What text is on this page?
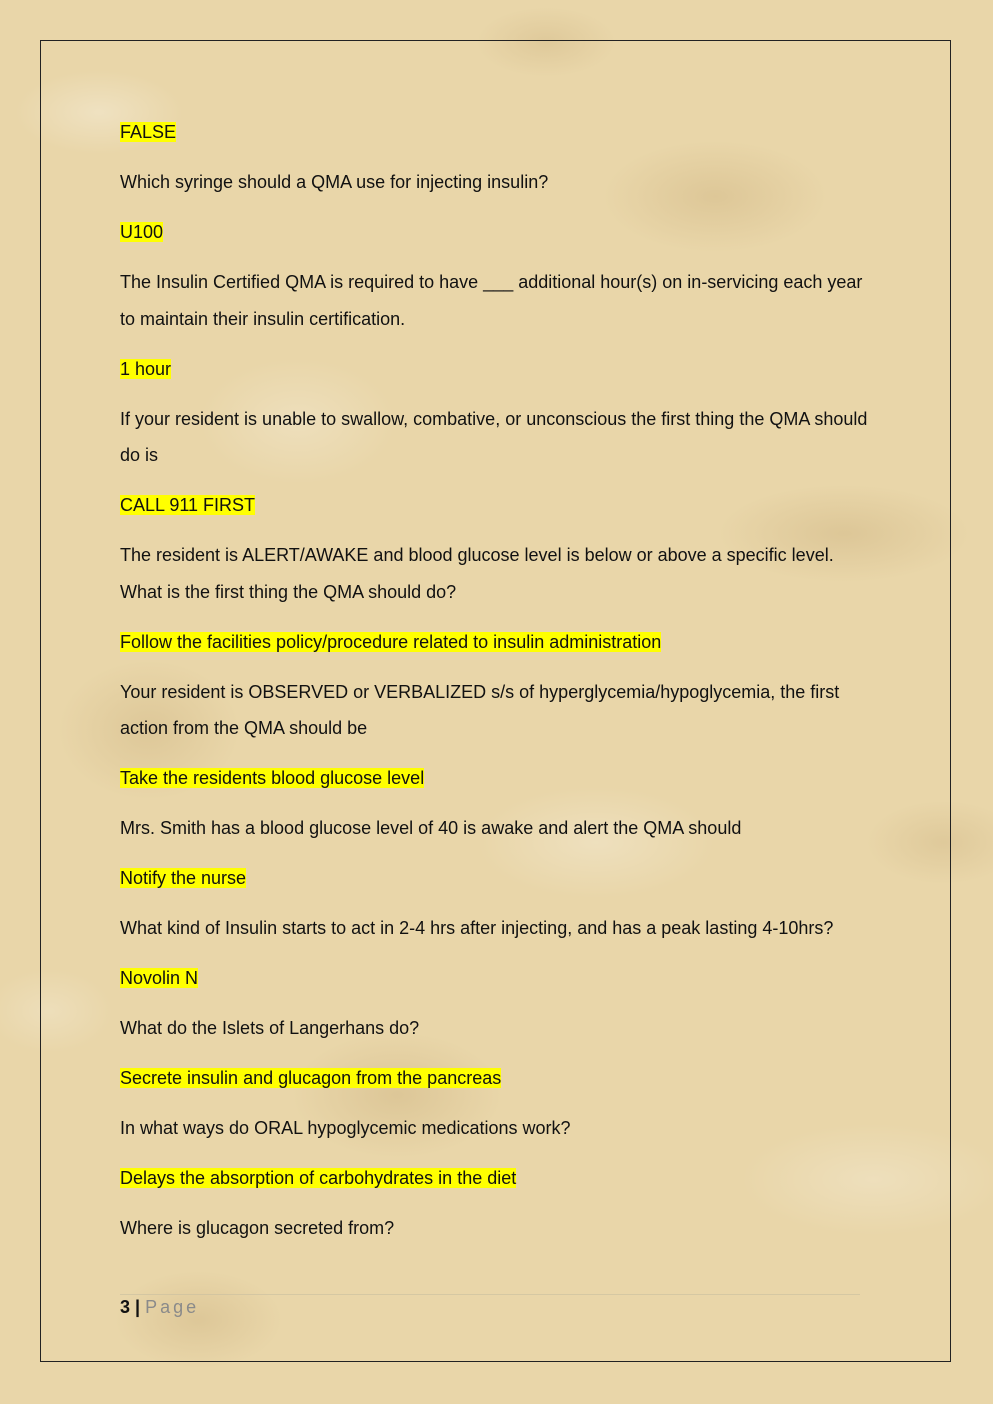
FALSE

Which syringe should a QMA use for injecting insulin?

U100

The Insulin Certified QMA is required to have ___ additional hour(s) on in-servicing each year to maintain their insulin certification.

1 hour

If your resident is unable to swallow, combative, or unconscious the first thing the QMA should do is

CALL 911 FIRST

The resident is ALERT/AWAKE and blood glucose level is below or above a specific level. What is the first thing the QMA should do?

Follow the facilities policy/procedure related to insulin administration

Your resident is OBSERVED or VERBALIZED s/s of hyperglycemia/hypoglycemia, the first action from the QMA should be

Take the residents blood glucose level

Mrs. Smith has a blood glucose level of 40 is awake and alert the QMA should

Notify the nurse

What kind of Insulin starts to act in 2-4 hrs after injecting, and has a peak lasting 4-10hrs?

Novolin N

What do the Islets of Langerhans do?

Secrete insulin and glucagon from the pancreas

In what ways do ORAL hypoglycemic medications work?

Delays the absorption of carbohydrates in the diet

Where is glucagon secreted from?

3 | Page
